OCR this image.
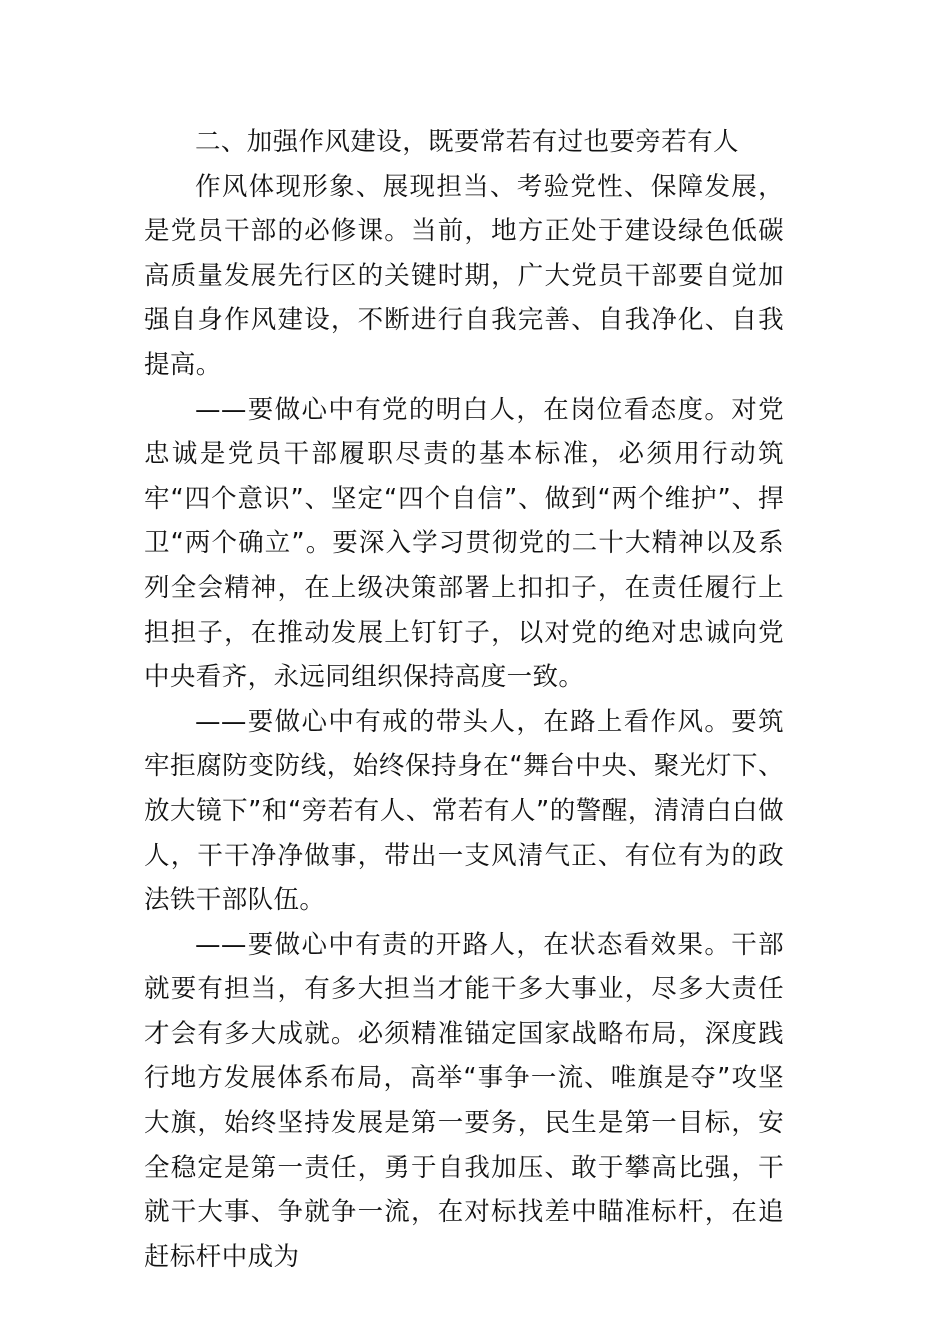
二、加强作风建设，既要常若有过也要旁若有人

作风体现形象、展现担当、考验党性、保障发展，是党员干部的必修课。当前，地方正处于建设绿色低碳高质量发展先行区的关键时期，广大党员干部要自觉加强自身作风建设，不断进行自我完善、自我净化、自我提高。

——要做心中有党的明白人，在岗位看态度。对党忠诚是党员干部履职尽责的基本标准，必须用行动筑牢“四个意识”、坚定“四个自信”、做到“两个维护”、捍卫“两个确立”。要深入学习贯彻党的二十大精神以及系列全会精神，在上级决策部署上扣扣子，在责任履行上担担子，在推动发展上钉钉子，以对党的绝对忠诚向党中央看齐，永远同组织保持高度一致。

——要做心中有戒的带头人，在路上看作风。要筑牢拒腐防变防线，始终保持身在“舞台中央、聚光灯下、放大镜下”和“旁若有人、常若有人”的警醒，清清白白做人，干干净净做事，带出一支风清气正、有位有为的政法铁干部队伍。

——要做心中有责的开路人，在状态看效果。干部就要有担当，有多大担当才能干多大事业，尽多大责任才会有多大成就。必须精准锚定国家战略布局，深度践行地方发展体系布局，高举“事争一流、唯旗是夺”攻坚大旗，始终坚持发展是第一要务，民生是第一目标，安全稳定是第一责任，勇于自我加压、敢于攀高比强，干就干大事、争就争一流，在对标找差中瞄准标杆，在追赶标杆中成为
